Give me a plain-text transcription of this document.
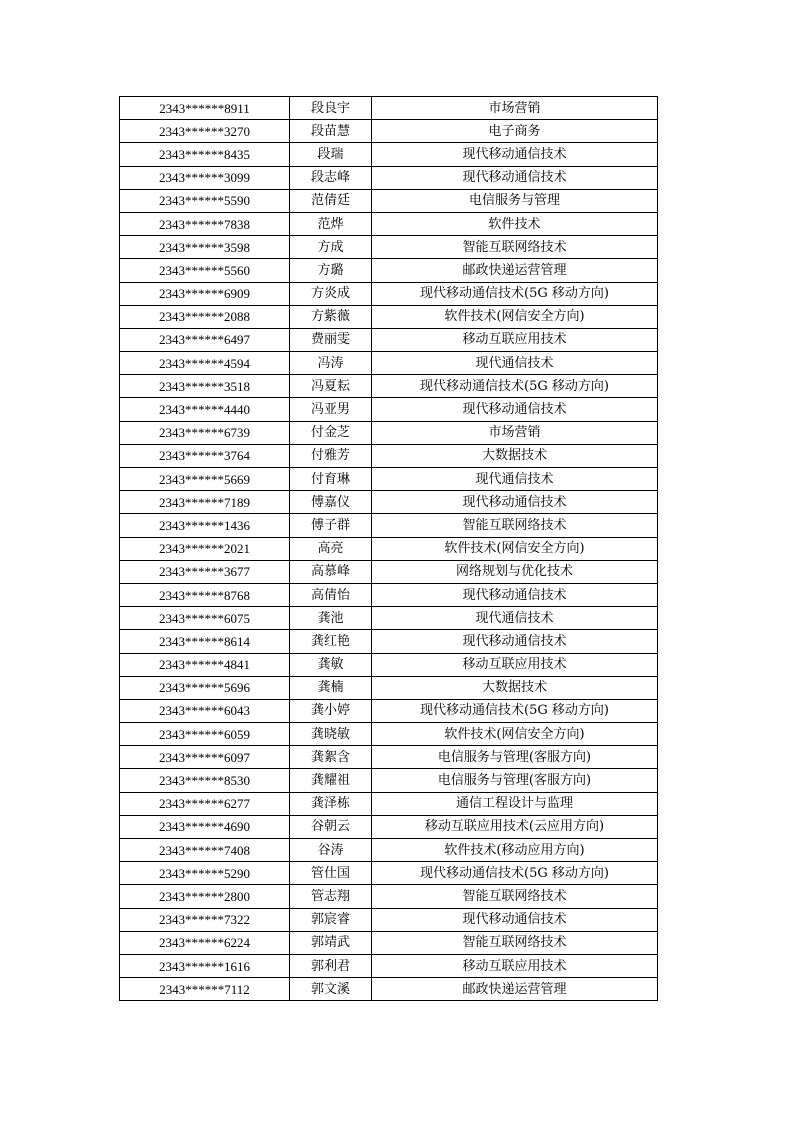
2343******8911	段良宇	市场营销
2343******3270	段苗慧	电子商务
2343******8435	段瑞	现代移动通信技术
2343******3099	段志峰	现代移动通信技术
2343******5590	范倩廷	电信服务与管理
2343******7838	范烨	软件技术
2343******3598	方成	智能互联网络技术
2343******5560	方璐	邮政快递运营管理
2343******6909	方炎成	现代移动通信技术(5G 移动方向)
2343******2088	方紫薇	软件技术(网信安全方向)
2343******6497	费丽雯	移动互联应用技术
2343******4594	冯涛	现代通信技术
2343******3518	冯夏耘	现代移动通信技术(5G 移动方向)
2343******4440	冯亚男	现代移动通信技术
2343******6739	付金芝	市场营销
2343******3764	付雅芳	大数据技术
2343******5669	付育琳	现代通信技术
2343******7189	傅嘉仪	现代移动通信技术
2343******1436	傅子群	智能互联网络技术
2343******2021	高亮	软件技术(网信安全方向)
2343******3677	高慕峰	网络规划与优化技术
2343******8768	高倩怡	现代移动通信技术
2343******6075	龚池	现代通信技术
2343******8614	龚红艳	现代移动通信技术
2343******4841	龚敏	移动互联应用技术
2343******5696	龚楠	大数据技术
2343******6043	龚小婷	现代移动通信技术(5G 移动方向)
2343******6059	龚晓敏	软件技术(网信安全方向)
2343******6097	龚絮含	电信服务与管理(客服方向)
2343******8530	龚耀祖	电信服务与管理(客服方向)
2343******6277	龚泽栋	通信工程设计与监理
2343******4690	谷朝云	移动互联应用技术(云应用方向)
2343******7408	谷涛	软件技术(移动应用方向)
2343******5290	管仕国	现代移动通信技术(5G 移动方向)
2343******2800	管志翔	智能互联网络技术
2343******7322	郭宸睿	现代移动通信技术
2343******6224	郭靖武	智能互联网络技术
2343******1616	郭利君	移动互联应用技术
2343******7112	郭文溪	邮政快递运营管理
